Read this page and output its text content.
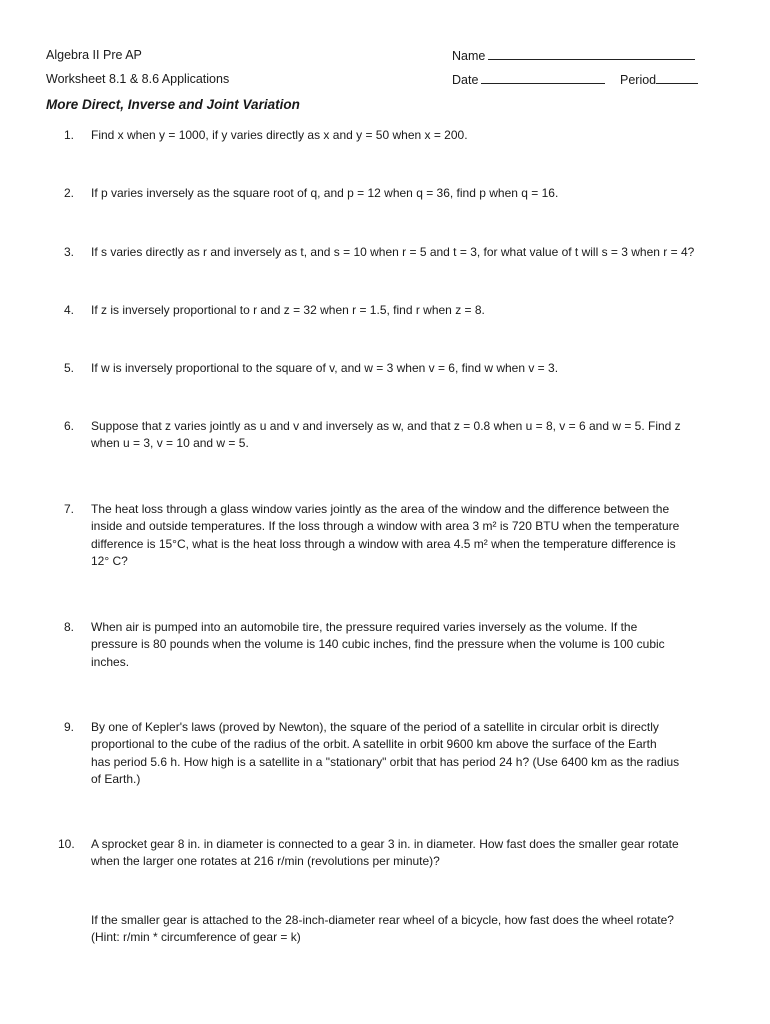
Algebra II Pre AP
Worksheet 8.1 & 8.6 Applications
Name
Date	Period
More Direct, Inverse and Joint Variation
1.	Find x when y = 1000, if y varies directly as x and y = 50 when x = 200.
2.	If p varies inversely as the square root of q, and p = 12 when q = 36, find p when q = 16.
3.	If s varies directly as r and inversely as t, and s = 10 when r = 5 and t = 3, for what value of t will s = 3 when r = 4?
4.	If z is inversely proportional to r and z = 32 when r = 1.5, find r when z = 8.
5.	If w is inversely proportional to the square of v, and w = 3 when v = 6, find w when v = 3.
6.	Suppose that z varies jointly as u and v and inversely as w, and that z = 0.8 when u = 8, v = 6 and w = 5. Find z
when u = 3, v = 10 and w = 5.
7.	The heat loss through a glass window varies jointly as the area of the window and the difference between the
inside and outside temperatures. If the loss through a window with area 3 m² is 720 BTU when the temperature
difference is 15°C, what is the heat loss through a window with area 4.5 m² when the temperature difference is
12° C?
8.	When air is pumped into an automobile tire, the pressure required varies inversely as the volume. If the
pressure is 80 pounds when the volume is 140 cubic inches, find the pressure when the volume is 100 cubic
inches.
9.	By one of Kepler's laws (proved by Newton), the square of the period of a satellite in circular orbit is directly
proportional to the cube of the radius of the orbit. A satellite in orbit 9600 km above the surface of the Earth
has period 5.6 h. How high is a satellite in a "stationary" orbit that has period 24 h? (Use 6400 km as the radius
of Earth.)
10.	A sprocket gear 8 in. in diameter is connected to a gear 3 in. in diameter. How fast does the smaller gear rotate
when the larger one rotates at 216 r/min (revolutions per minute)?
If the smaller gear is attached to the 28-inch-diameter rear wheel of a bicycle, how fast does the wheel rotate?
(Hint: r/min * circumference of gear = k)
